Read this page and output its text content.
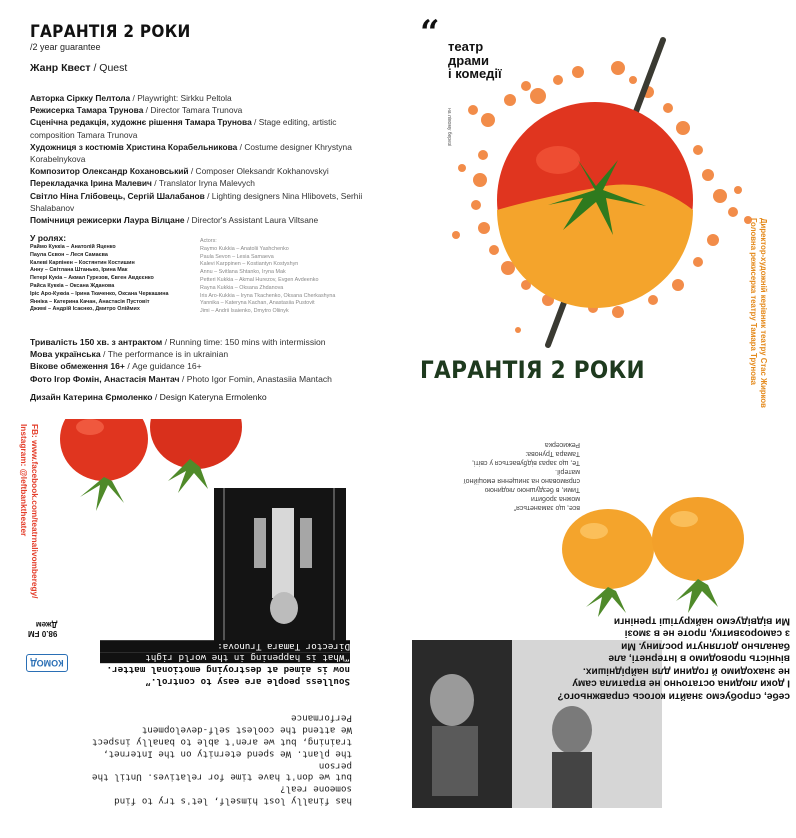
ГАРАНТІЯ 2 РОКИ
/2 year guarantee
Жанр Квест / Quest
Авторка Сіркку Пелтола / Playwright: Sirkku Peltola
Режисерка Тамара Трунова / Director Tamara Trunova
Сценічна редакція, художнє рішення Тамара Трунова / Stage editing, artistic composition Tamara Trunova
Художниця з костюмів Христина Корабельникова / Costume designer Khrystyna Korabelnykova
Композитор Олександр Кохановський / Composer Oleksandr Kokhanovskyi
Перекладачка Ірина Малевич / Translator Iryna Malevych
Світло Ніна Глібовець, Сергій Шалабанов / Lighting designers Nina Hlibovets, Serhii Shalabanov
Помічниця режисерки Лаура Вілцане / Director's Assistant Laura Viltsane
У ролях:
Раймо Куккіа – Анатолій Яценко
Паула Сєвон – Леся Самаєва
Калеві Карпінен – Костянтин Костишин
Анну – Світлана Штанько, Ірина Мак
Петері Кукіа – Акмал Гурезов, Євген Авдєєнко
Райса Куккіа – Оксана Жданова
Ірiс Аро-Куккіа – Ірина Ткаченко, Оксана Черкашина
Янніка – Катерина Качан, Анастасія Пустовіт
Джимі – Андрій Ісаєнко, Дмитро Оліймих
Actors:
Raymo Kukkia – Anatolii Yashchenko
Paula Sevon – Lesia Samaeva
Kalevi Karppinen – Kostiantyn Kostyshyn
Annu – Svitlana Shtanko, Iryna Mak
Petteri Kukkia – Akmal Hurezov, Evgen Avdeenko
Rayna Kukkia – Oksana Zhdanova
Iris Aro-Kukkia – Iryna Tkachenko, Oksana Cherkashyna
Yannika – Kateryna Kachan, Anastasiia Pustovit
Jimi – Andrii Isaienko, Dmytro Oliinyk
Тривалість 150 хв. з антрактом / Running time: 150 mins with intermission
Мова українська / The performance is in ukrainian
Вікове обмеження 16+ / Age guidance 16+
Фото Ігор Фомін, Анастасія Мантач / Photo Igor Fomin, Anastasiia Mantach
Дизайн Катерина Єрмоленко / Design Kateryna Ermolenko
“ театр
драми
і комедії
на лівому березі
ГАРАНТІЯ 2 РОКИ	Директор-художній керівник театру Стас Жирков
Головна режисерка театру Тамара Трунова
FB: www.facebook.com/teatrnalivomberegy/
Instagram: @leftbanktheater
Soulless people are easy to control.”
now is aimed at destroying emotional matter.
“What is happening in the world right
Director Tamara Trunova:
has finally lost himself, let's try to find someone real?
but we don't have time for relatives. Until the person
the plant. We spend eternity on the Internet,
training, but we aren't able to banally inspect
We attend the coolest self-development
Performance
98.0 FM
Джем
КОМОД
все, що заманеться"
можна зробити
Тими, в бездушною людиною
спрямовано на знищення емоційної матерії.
Те, що зараз відбувається у світі,
Тамара Трунова:
Режисерка
себе, спробуємо знайти когось справжнього?
І доки людина остаточно не втратила саму
не знаходимо й години для найрідніших.
вічність проводимо в Інтернеті, але
банально доглянути рослину. Ми
з саморозвитку, проте не в змозі
Ми відвідуємо найкрутіші тренінги
